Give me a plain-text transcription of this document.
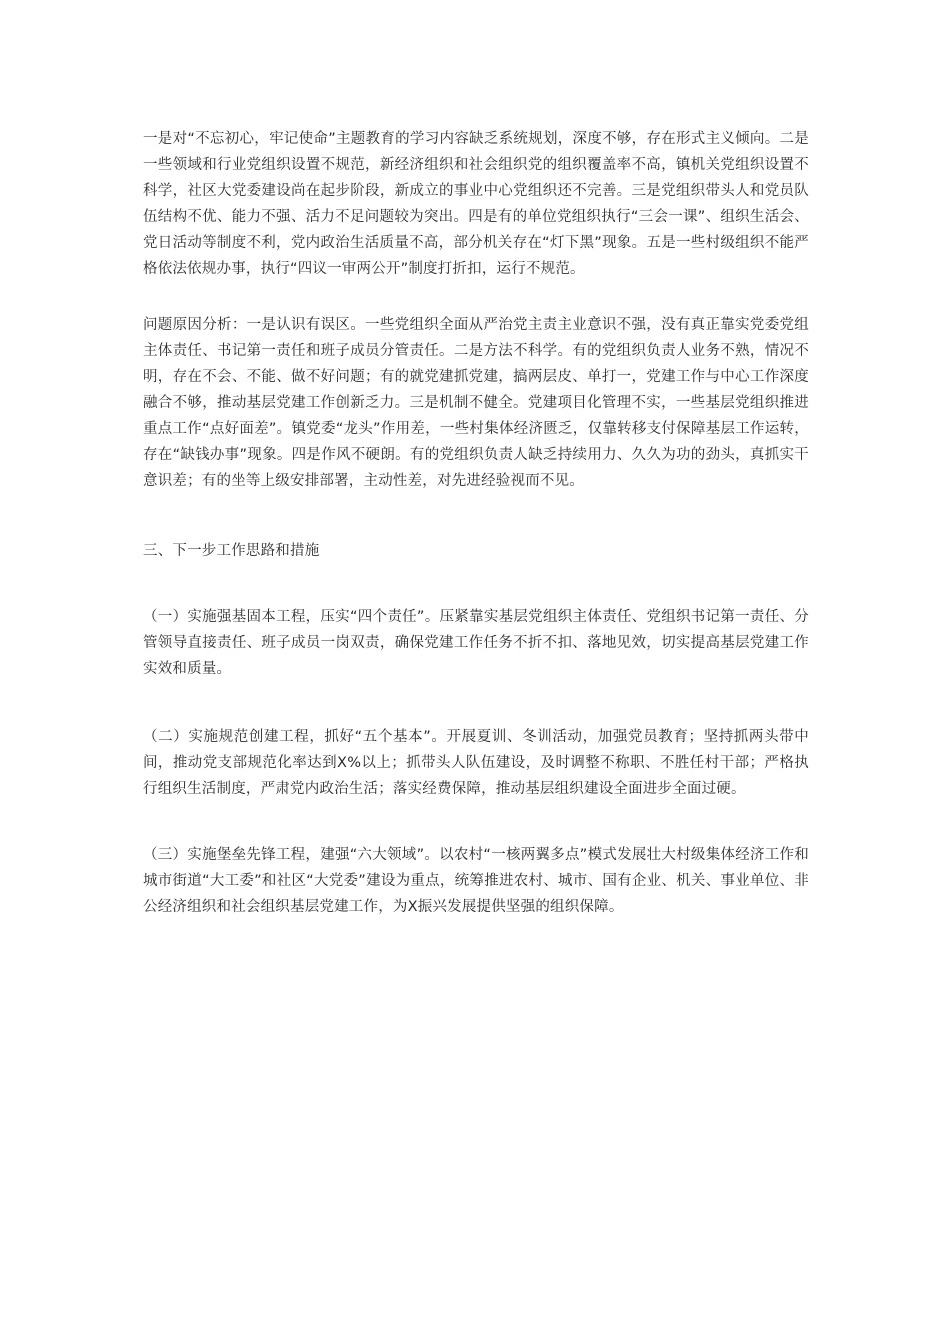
一是对“不忘初心，牢记使命”主题教育的学习内容缺乏系统规划，深度不够，存在形式主义倾向。二是一些领域和行业党组织设置不规范，新经济组织和社会组织党的组织覆盖率不高，镇机关党组织设置不科学，社区大党委建设尚在起步阶段，新成立的事业中心党组织还不完善。三是党组织带头人和党员队伍结构不优、能力不强、活力不足问题较为突出。四是有的单位党组织执行“三会一课”、组织生活会、党日活动等制度不利，党内政治生活质量不高，部分机关存在“灯下黑”现象。五是一些村级组织不能严格依法依规办事，执行“四议一审两公开”制度打折扣，运行不规范。

问题原因分析：一是认识有误区。一些党组织全面从严治党主责主业意识不强，没有真正靠实党委党组主体责任、书记第一责任和班子成员分管责任。二是方法不科学。有的党组织负责人业务不熟，情况不明，存在不会、不能、做不好问题；有的就党建抓党建，搞两层皮、单打一，党建工作与中心工作深度融合不够，推动基层党建工作创新乏力。三是机制不健全。党建项目化管理不实，一些基层党组织推进重点工作“点好面差”。镇党委“龙头”作用差，一些村集体经济匮乏，仅靠转移支付保障基层工作运转，存在“缺钱办事”现象。四是作风不硬朗。有的党组织负责人缺乏持续用力、久久为功的劲头，真抓实干意识差；有的坐等上级安排部署，主动性差，对先进经验视而不见。

三、下一步工作思路和措施

（一）实施强基固本工程，压实“四个责任”。压紧靠实基层党组织主体责任、党组织书记第一责任、分管领导直接责任、班子成员一岗双责，确保党建工作任务不折不扣、落地见效，切实提高基层党建工作实效和质量。

（二）实施规范创建工程，抓好“五个基本”。开展夏训、冬训活动，加强党员教育；坚持抓两头带中间，推动党支部规范化率达到X%以上；抓带头人队伍建设，及时调整不称职、不胜任村干部；严格执行组织生活制度，严肃党内政治生活；落实经费保障，推动基层组织建设全面进步全面过硬。

（三）实施堡垒先锋工程，建强“六大领域”。以农村“一核两翼多点”模式发展壮大村级集体经济工作和城市街道“大工委”和社区“大党委”建设为重点，统筹推进农村、城市、国有企业、机关、事业单位、非公经济组织和社会组织基层党建工作，为X振兴发展提供坚强的组织保障。
